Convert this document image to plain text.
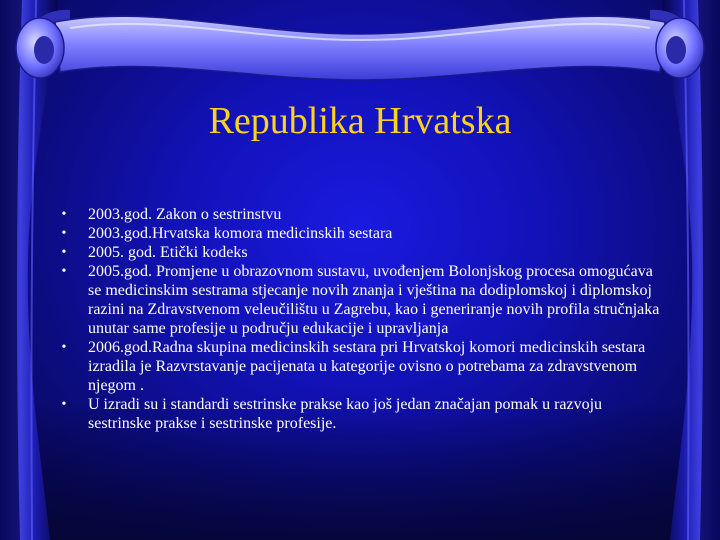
Republika Hrvatska
• 2003.god. Zakon o sestrinstvu
• 2003.god.Hrvatska komora medicinskih sestara
• 2005. god. Etički kodeks
• 2005.god. Promjene u obrazovnom sustavu, uvođenjem Bolonjskog procesa omogućava se medicinskim sestrama stjecanje novih znanja i vještina na dodiplomskoj i diplomskoj razini na Zdravstvenom veleučilištu u Zagrebu, kao i generiranje novih profila stručnjaka unutar same profesije u području edukacije i upravljanja
• 2006.god.Radna skupina medicinskih sestara pri Hrvatskoj komori medicinskih sestara izradila je Razvrstavanje pacijenata u kategorije ovisno o potrebama za zdravstvenom njegom .
• U izradi su i standardi sestrinske prakse kao još jedan značajan pomak u razvoju sestrinske prakse i sestrinske profesije.
